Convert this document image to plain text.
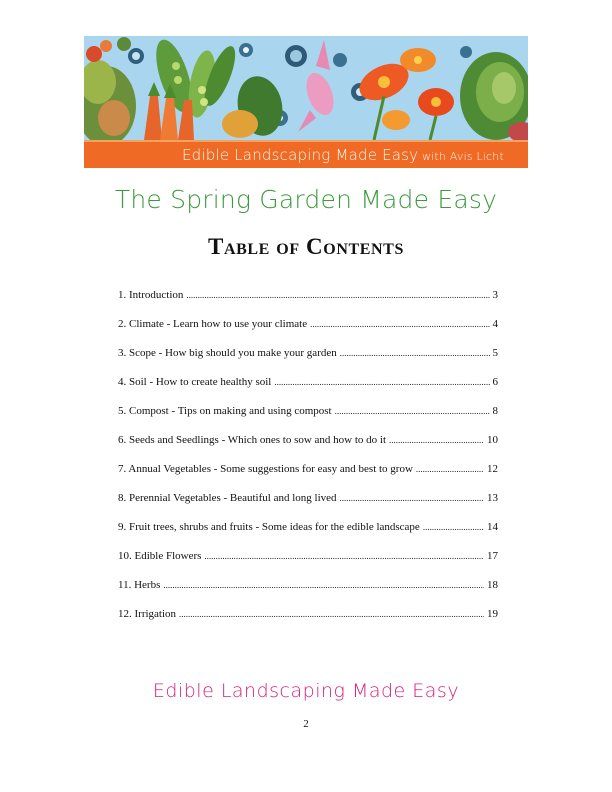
Edible Landscaping Made Easy with Avis Licht
The Spring Garden Made Easy
Table of Contents
1. Introduction .....	3
2. Climate - Learn how to use your climate .....	4
3. Scope - How big should you make your garden .....	5
4. Soil - How to create healthy soil .....	6
5. Compost - Tips on making and using compost .....	8
6. Seeds and Seedlings - Which ones to sow and how to do it .....	10
7. Annual Vegetables - Some suggestions for easy and best to grow .....	12
8. Perennial Vegetables - Beautiful and long lived .....	13
9. Fruit trees, shrubs and fruits - Some ideas for the edible landscape .....	14
10. Edible Flowers .....	17
11. Herbs .....	18
12. Irrigation .....	19
Edible Landscaping Made Easy
2
